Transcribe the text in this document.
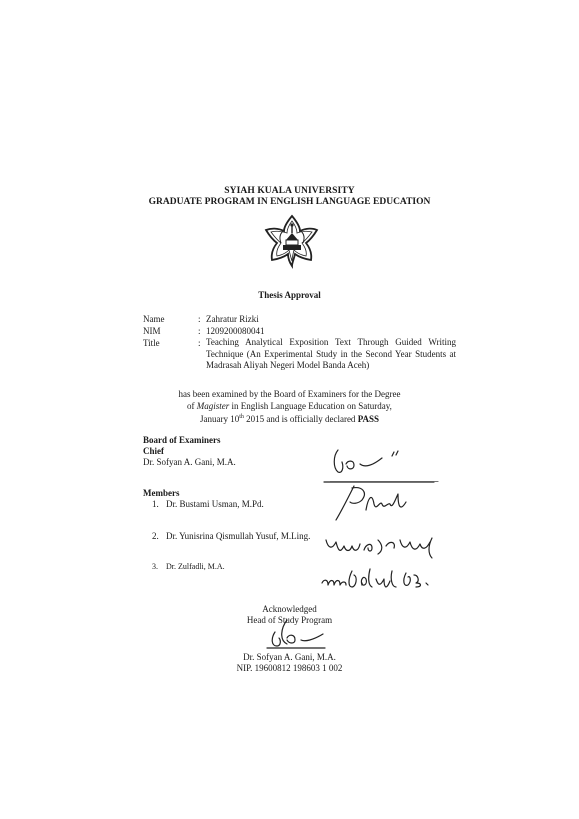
SYIAH KUALA UNIVERSITY
GRADUATE PROGRAM IN ENGLISH LANGUAGE EDUCATION
Thesis Approval
Name	: Zahratur Rizki
NIM	: 1209200080041
Title	: Teaching Analytical Exposition Text Through Guided Writing Technique (An Experimental Study in the Second Year Students at Madrasah Aliyah Negeri Model Banda Aceh)
has been examined by the Board of Examiners for the Degree
of Magister in English Language Education on Saturday,
January 10th 2015 and is officially declared PASS
Board of Examiners
Chief
Dr. Sofyan A. Gani, M.A.
Members
1. Dr. Bustami Usman, M.Pd.
2. Dr. Yunisrina Qismullah Yusuf, M.Ling.
3. Dr. Zulfadli, M.A.
Acknowledged
Head of Study Program
Dr. Sofyan A. Gani, M.A.
NIP. 19600812 198603 1 002
